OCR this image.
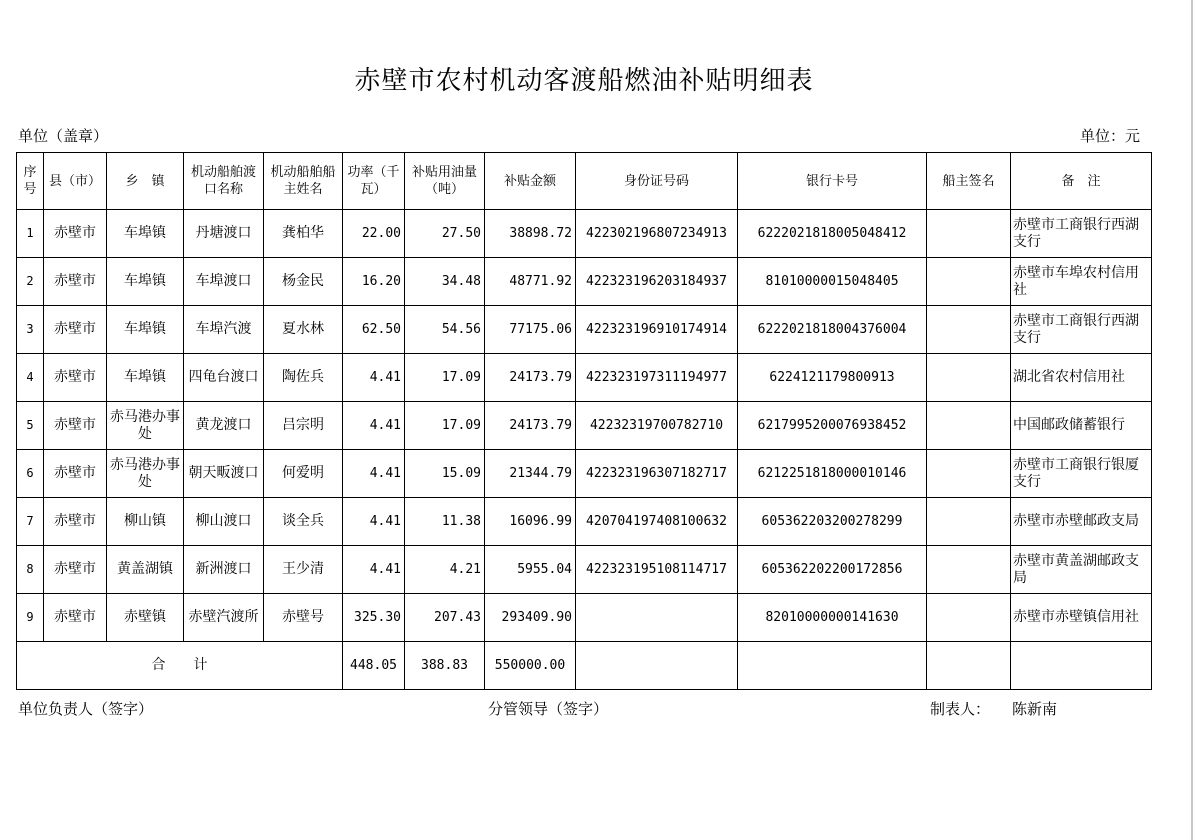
赤壁市农村机动客渡船燃油补贴明细表
单位（盖章）	单位：元
序号	县（市）	乡　镇	机动船舶渡口名称	机动船舶船主姓名	功率（千瓦）	补贴用油量（吨）	补贴金额	身份证号码	银行卡号	船主签名	备　注
1	赤壁市	车埠镇	丹塘渡口	龚柏华	22.00	27.50	38898.72	422302196807234913	6222021818005048412		赤壁市工商银行西湖支行
2	赤壁市	车埠镇	车埠渡口	杨金民	16.20	34.48	48771.92	422323196203184937	81010000015048405		赤壁市车埠农村信用社
3	赤壁市	车埠镇	车埠汽渡	夏水林	62.50	54.56	77175.06	422323196910174914	6222021818004376004		赤壁市工商银行西湖支行
4	赤壁市	车埠镇	四龟台渡口	陶佐兵	4.41	17.09	24173.79	422323197311194977	6224121179800913		湖北省农村信用社
5	赤壁市	赤马港办事处	黄龙渡口	吕宗明	4.41	17.09	24173.79	42232319700782710	6217995200076938452		中国邮政储蓄银行
6	赤壁市	赤马港办事处	朝天畈渡口	何爱明	4.41	15.09	21344.79	422323196307182717	6212251818000010146		赤壁市工商银行银厦支行
7	赤壁市	柳山镇	柳山渡口	谈全兵	4.41	11.38	16096.99	420704197408100632	605362203200278299		赤壁市赤壁邮政支局
8	赤壁市	黄盖湖镇	新洲渡口	王少清	4.41	4.21	5955.04	422323195108114717	605362202200172856		赤壁市黄盖湖邮政支局
9	赤壁市	赤壁镇	赤壁汽渡所	赤壁号	325.30	207.43	293409.90		82010000000141630		赤壁市赤壁镇信用社
合　　计					448.05	388.83	550000.00				
单位负责人（签字）	分管领导（签字）	制表人： 陈新南
